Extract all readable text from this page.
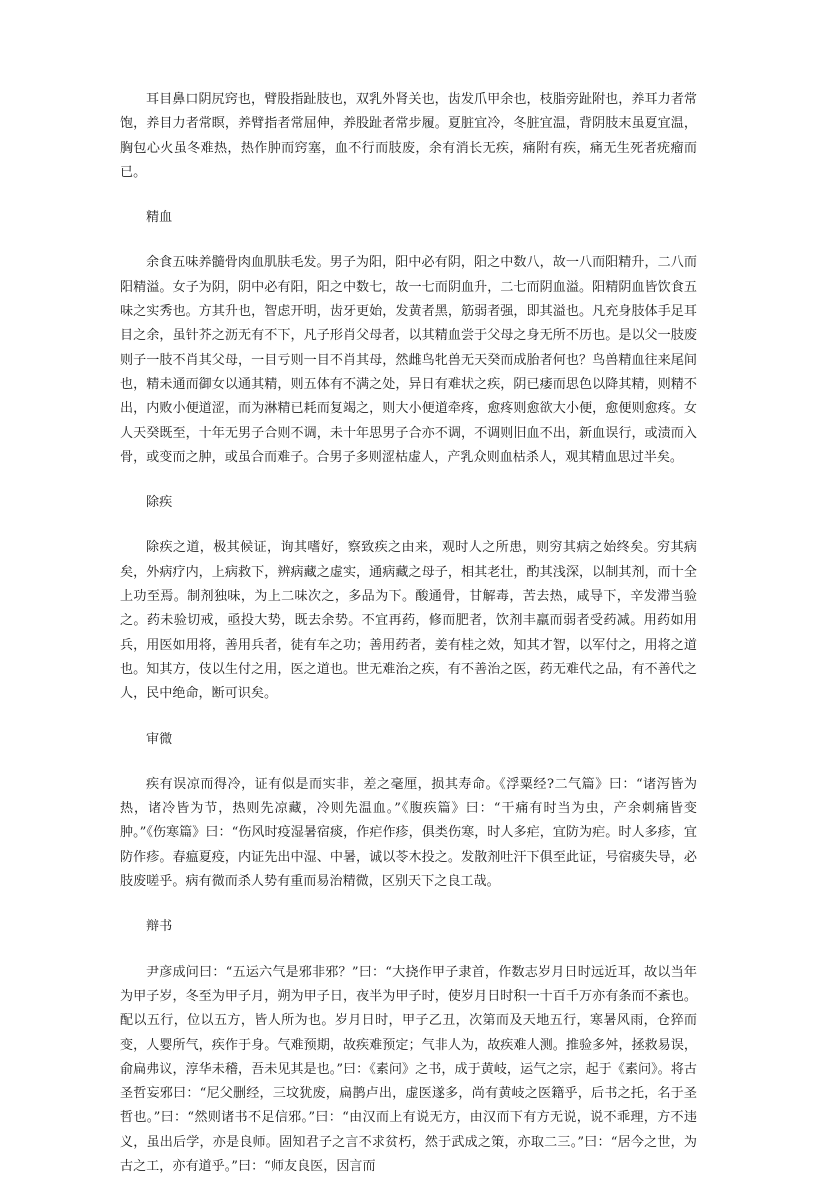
耳目鼻口阴尻窍也，臂股指趾肢也，双乳外肾关也，齿发爪甲余也，枝脂旁趾附也，养耳力者常饱，养目力者常瞑，养臂指者常屈伸，养股趾者常步履。夏脏宜冷，冬脏宜温，背阴肢末虽夏宜温，胸包心火虽冬难热，热作肿而窍塞，血不行而肢废，余有消长无疾，痛附有疾，痛无生死者疣瘤而已。

精血

余食五味养髓骨肉血肌肤毛发。男子为阳，阳中必有阴，阳之中数八，故一八而阳精升，二八而阳精溢。女子为阴，阴中必有阳，阳之中数七，故一七而阴血升，二七而阴血溢。阳精阴血皆饮食五味之实秀也。方其升也，智虑开明，齿牙更始，发黄者黑，筋弱者强，即其溢也。凡充身肢体手足耳目之余，虽针芥之沥无有不下，凡子形肖父母者，以其精血尝于父母之身无所不历也。是以父一肢废则子一肢不肖其父母，一目亏则一目不肖其母，然雌鸟牝兽无天癸而成胎者何也？鸟兽精血往来尾间也，精未通而御女以通其精，则五体有不满之处，异日有难状之疾，阴已痿而思色以降其精，则精不出，内败小便道涩，而为淋精已耗而复竭之，则大小便道牵疼，愈疼则愈欲大小便，愈便则愈疼。女人天癸既至，十年无男子合则不调，未十年思男子合亦不调，不调则旧血不出，新血误行，或渍而入骨，或变而之肿，或虽合而难子。合男子多则涩枯虚人，产乳众则血枯杀人，观其精血思过半矣。

除疾

除疾之道，极其候证，询其嗜好，察致疾之由来，观时人之所患，则穷其病之始终矣。穷其病矣，外病疗内，上病救下，辨病藏之虚实，通病藏之母子，相其老壮，酌其浅深，以制其剂，而十全上功至焉。制剂独味，为上二味次之，多品为下。酸通骨，甘解毒，苦去热，咸导下，辛发滞当验之。药未验切戒，亟投大势，既去余势。不宜再药，修而肥者，饮剂丰羸而弱者受药减。用药如用兵，用医如用将，善用兵者，徒有车之功；善用药者，姜有桂之效，知其才智，以军付之，用将之道也。知其方，伎以生付之用，医之道也。世无难治之疾，有不善治之医，药无难代之品，有不善代之人，民中绝命，断可识矣。

审微

疾有误凉而得冷，证有似是而实非，差之毫厘，损其寿命。《浮粟经?二气篇》曰：“诸泻皆为热，诸冷皆为节，热则先凉藏，冷则先温血。”《腹疾篇》曰：“干痛有时当为虫，产余刺痛皆变肿。”《伤寒篇》曰：“伤风时疫湿暑宿痰，作疟作疹，俱类伤寒，时人多疟，宜防为疟。时人多疹，宜防作疹。春瘟夏疫，内证先出中湿、中暑，诚以苓木投之。发散剂吐汗下俱至此证，号宿痰失导，必肢废嗟乎。病有微而杀人势有重而易治精微，区别天下之良工哉。

辩书

尹彦成问曰：“五运六气是邪非邪？”曰：“大挠作甲子隶首，作数志岁月日时远近耳，故以当年为甲子岁，冬至为甲子月，朔为甲子日，夜半为甲子时，使岁月日时积一十百千万亦有条而不紊也。配以五行，位以五方，皆人所为也。岁月日时，甲子乙丑，次第而及天地五行，寒暑风雨，仓猝而变，人婴所气，疾作于身。气难预期，故疾难预定；气非人为，故疾难人测。推验多舛，拯救易误，俞扁弗议，淳华未稽，吾未见其是也。”曰：《素问》之书，成于黄岐，运气之宗，起于《素问》。将古圣哲妄邪曰：“尼父删经，三坟犹废，扁鹊卢出，虚医遂多，尚有黄岐之医籍乎，后书之托，名于圣哲也。”曰：“然则诸书不足信邪。”曰：“由汉而上有说无方，由汉而下有方无说，说不乖理，方不违义，虽出后学，亦是良师。固知君子之言不求贫朽，然于武成之策，亦取二三。”曰：“居今之世，为古之工，亦有道乎。”曰：“师友良医，因言而
